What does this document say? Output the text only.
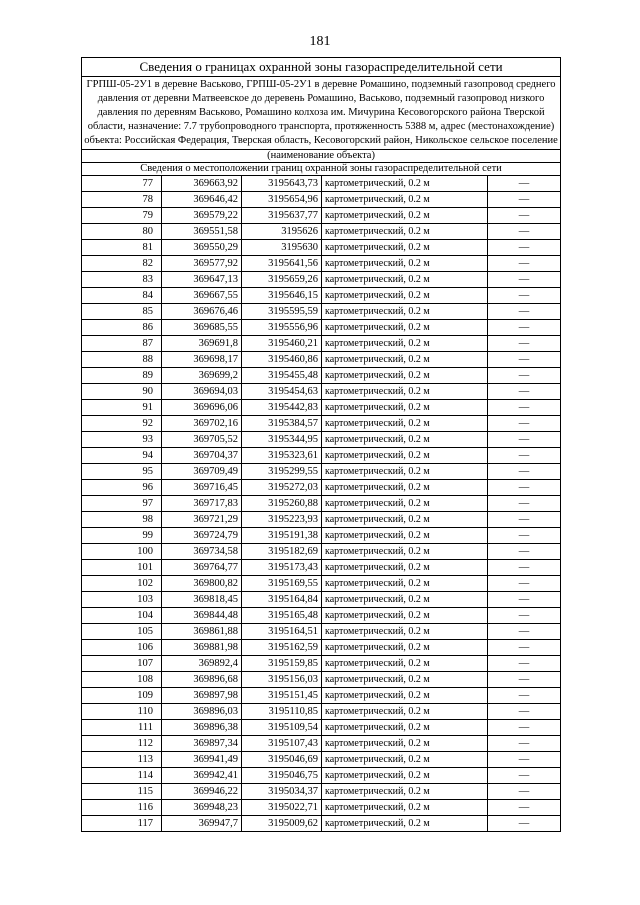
181
Сведения о границах охранной зоны газораспределительной сети				
ГРПШ-05-2У1 в деревне Васьково, ГРПШ-05-2У1 в деревне Ромашино, подземный газопровод среднего давления от деревни Матвеевское до деревень Ромашино, Васьково, подземный газопровод низкого давления по деревням Васьково, Ромашино колхоза им. Мичурина Кесовогорского района Тверской области, назначение: 7.7 трубопроводного транспорта, протяженность 5388 м, адрес (местонахождение) объекта: Российская Федерация, Тверская область, Кесовогорский район, Никольское сельское поселение				
(наименование объекта)				
Сведения о местоположении границ охранной зоны газораспределительной сети				
77	369663,92	3195643,73	картометрический, 0.2 м	—
78	369646,42	3195654,96	картометрический, 0.2 м	—
79	369579,22	3195637,77	картометрический, 0.2 м	—
80	369551,58	3195626	картометрический, 0.2 м	—
81	369550,29	3195630	картометрический, 0.2 м	—
82	369577,92	3195641,56	картометрический, 0.2 м	—
83	369647,13	3195659,26	картометрический, 0.2 м	—
84	369667,55	3195646,15	картометрический, 0.2 м	—
85	369676,46	3195595,59	картометрический, 0.2 м	—
86	369685,55	3195556,96	картометрический, 0.2 м	—
87	369691,8	3195460,21	картометрический, 0.2 м	—
88	369698,17	3195460,86	картометрический, 0.2 м	—
89	369699,2	3195455,48	картометрический, 0.2 м	—
90	369694,03	3195454,63	картометрический, 0.2 м	—
91	369696,06	3195442,83	картометрический, 0.2 м	—
92	369702,16	3195384,57	картометрический, 0.2 м	—
93	369705,52	3195344,95	картометрический, 0.2 м	—
94	369704,37	3195323,61	картометрический, 0.2 м	—
95	369709,49	3195299,55	картометрический, 0.2 м	—
96	369716,45	3195272,03	картометрический, 0.2 м	—
97	369717,83	3195260,88	картометрический, 0.2 м	—
98	369721,29	3195223,93	картометрический, 0.2 м	—
99	369724,79	3195191,38	картометрический, 0.2 м	—
100	369734,58	3195182,69	картометрический, 0.2 м	—
101	369764,77	3195173,43	картометрический, 0.2 м	—
102	369800,82	3195169,55	картометрический, 0.2 м	—
103	369818,45	3195164,84	картометрический, 0.2 м	—
104	369844,48	3195165,48	картометрический, 0.2 м	—
105	369861,88	3195164,51	картометрический, 0.2 м	—
106	369881,98	3195162,59	картометрический, 0.2 м	—
107	369892,4	3195159,85	картометрический, 0.2 м	—
108	369896,68	3195156,03	картометрический, 0.2 м	—
109	369897,98	3195151,45	картометрический, 0.2 м	—
110	369896,03	3195110,85	картометрический, 0.2 м	—
111	369896,38	3195109,54	картометрический, 0.2 м	—
112	369897,34	3195107,43	картометрический, 0.2 м	—
113	369941,49	3195046,69	картометрический, 0.2 м	—
114	369942,41	3195046,75	картометрический, 0.2 м	—
115	369946,22	3195034,37	картометрический, 0.2 м	—
116	369948,23	3195022,71	картометрический, 0.2 м	—
117	369947,7	3195009,62	картометрический, 0.2 м	—
